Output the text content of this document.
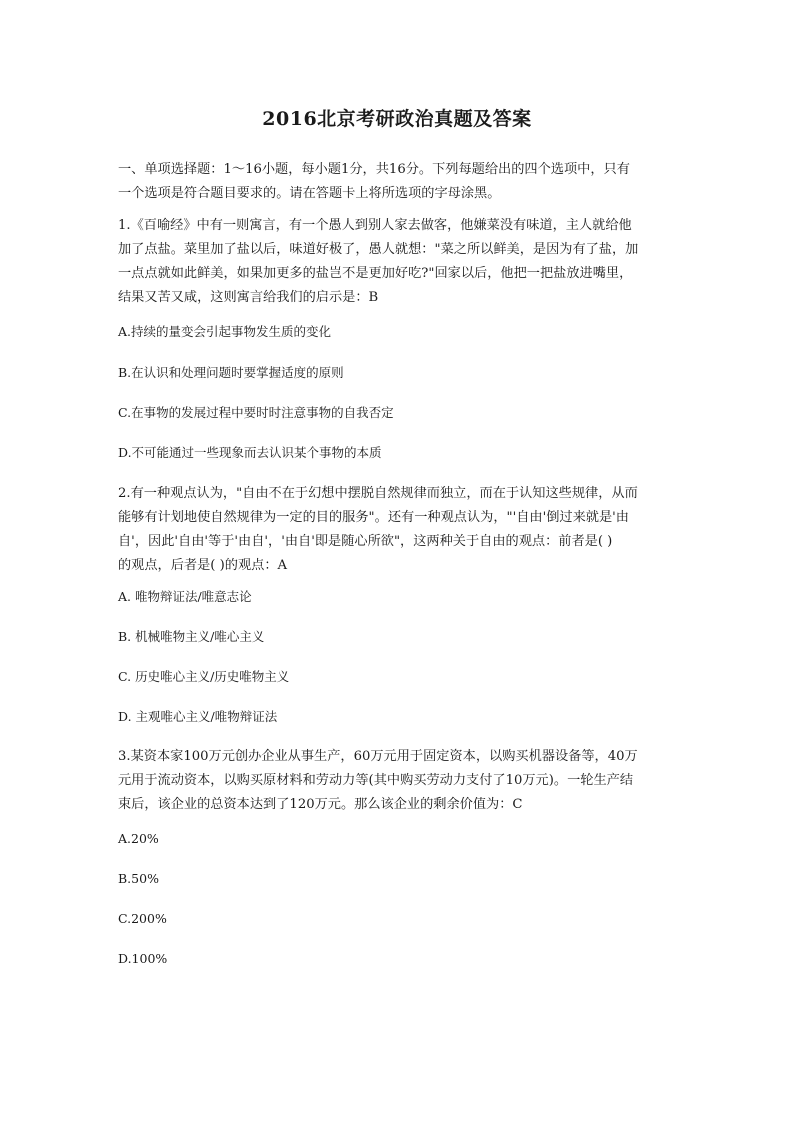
2016北京考研政治真题及答案
一、单项选择题：1～16小题，每小题1分，共16分。下列每题给出的四个选项中，只有
一个选项是符合题目要求的。请在答题卡上将所选项的字母涂黑。
1.《百喻经》中有一则寓言，有一个愚人到别人家去做客，他嫌菜没有味道，主人就给他
加了点盐。菜里加了盐以后，味道好极了，愚人就想："菜之所以鲜美，是因为有了盐，加
一点点就如此鲜美，如果加更多的盐岂不是更加好吃?"回家以后，他把一把盐放进嘴里，
结果又苦又咸，这则寓言给我们的启示是：B
A.持续的量变会引起事物发生质的变化
B.在认识和处理问题时要掌握适度的原则
C.在事物的发展过程中要时时注意事物的自我否定
D.不可能通过一些现象而去认识某个事物的本质
2.有一种观点认为，"自由不在于幻想中摆脱自然规律而独立，而在于认知这些规律，从而
能够有计划地使自然规律为一定的目的服务"。还有一种观点认为，"'自由'倒过来就是'由
自'，因此'自由'等于'由自'，'由自'即是随心所欲"，这两种关于自由的观点：前者是( )
的观点，后者是( )的观点：A
A. 唯物辩证法/唯意志论
B. 机械唯物主义/唯心主义
C. 历史唯心主义/历史唯物主义
D. 主观唯心主义/唯物辩证法
3.某资本家100万元创办企业从事生产，60万元用于固定资本，以购买机器设备等，40万
元用于流动资本，以购买原材料和劳动力等(其中购买劳动力支付了10万元)。一轮生产结
束后，该企业的总资本达到了120万元。那么该企业的剩余价值为：C
A.20%
B.50%
C.200%
D.100%
